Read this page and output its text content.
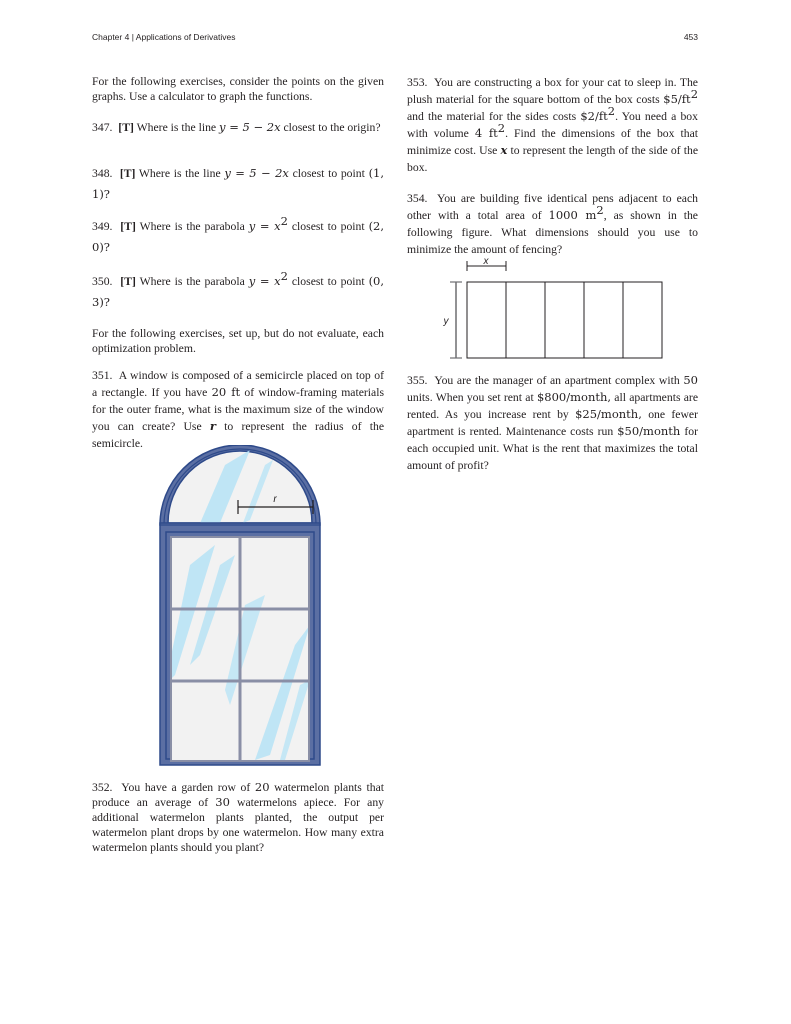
Chapter 4 | Applications of Derivatives	453
For the following exercises, consider the points on the given graphs. Use a calculator to graph the functions.
347. [T] Where is the line y = 5 − 2x closest to the origin?
348. [T] Where is the line y = 5 − 2x closest to point (1, 1)?
349. [T] Where is the parabola $y = x^2$ closest to point (2, 0)?
350. [T] Where is the parabola $y = x^2$ closest to point (0, 3)?
For the following exercises, set up, but do not evaluate, each optimization problem.
351. A window is composed of a semicircle placed on top of a rectangle. If you have 20 ft of window-framing materials for the outer frame, what is the maximum size of the window you can create? Use r to represent the radius of the semicircle.
352. You have a garden row of 20 watermelon plants that produce an average of 30 watermelons apiece. For any additional watermelon plants planted, the output per watermelon plant drops by one watermelon. How many extra watermelon plants should you plant?
r
353. You are constructing a box for your cat to sleep in. The plush material for the square bottom of the box costs $\$5/ft^2$ and the material for the sides costs $\$2/ft^2$. You need a box with volume 4 $ft^2$. Find the dimensions of the box that minimize cost. Use x to represent the length of the side of the box.
354. You are building five identical pens adjacent to each other with a total area of 1000 $m^2$, as shown in the following figure. What dimensions should you use to minimize the amount of fencing?
355. You are the manager of an apartment complex with 50 units. When you set rent at $800/month, all apartments are rented. As you increase rent by $25/month, one fewer apartment is rented. Maintenance costs run $50/month for each occupied unit. What is the rent that maximizes the total amount of profit?
x
y
